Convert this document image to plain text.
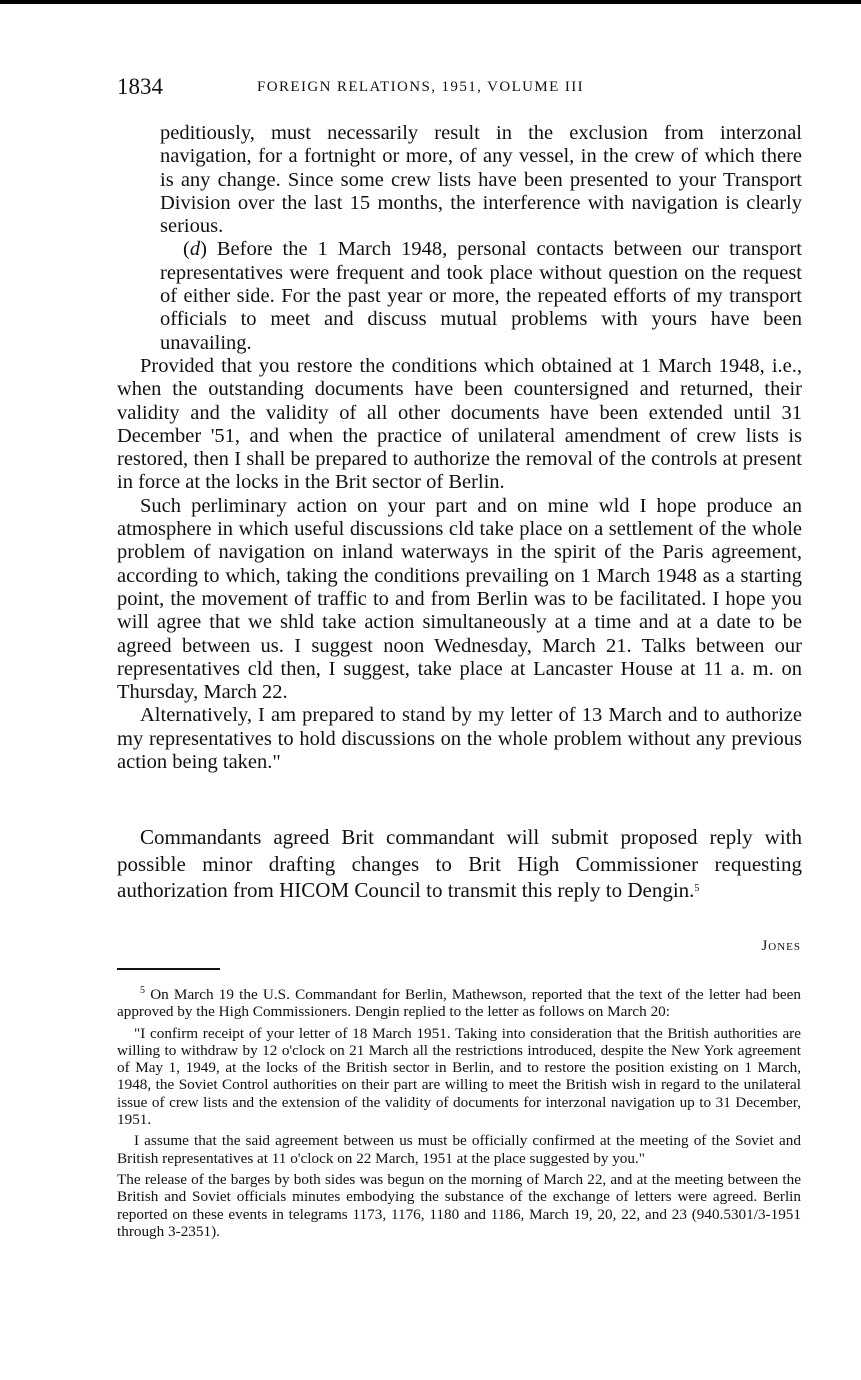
1834	FOREIGN RELATIONS, 1951, VOLUME III

peditiously, must necessarily result in the exclusion from interzonal navigation, for a fortnight or more, of any vessel, in the crew of which there is any change. Since some crew lists have been presented to your Transport Division over the last 15 months, the interference with navigation is clearly serious.

(d) Before the 1 March 1948, personal contacts between our transport representatives were frequent and took place without question on the request of either side. For the past year or more, the repeated efforts of my transport officials to meet and discuss mutual problems with yours have been unavailing.

Provided that you restore the conditions which obtained at 1 March 1948, i.e., when the outstanding documents have been countersigned and returned, their validity and the validity of all other documents have been extended until 31 December '51, and when the practice of unilateral amendment of crew lists is restored, then I shall be prepared to authorize the removal of the controls at present in force at the locks in the Brit sector of Berlin.

Such perliminary action on your part and on mine wld I hope produce an atmosphere in which useful discussions cld take place on a settlement of the whole problem of navigation on inland waterways in the spirit of the Paris agreement, according to which, taking the conditions prevailing on 1 March 1948 as a starting point, the movement of traffic to and from Berlin was to be facilitated. I hope you will agree that we shld take action simultaneously at a time and at a date to be agreed between us. I suggest noon Wednesday, March 21. Talks between our representatives cld then, I suggest, take place at Lancaster House at 11 a. m. on Thursday, March 22.

Alternatively, I am prepared to stand by my letter of 13 March and to authorize my representatives to hold discussions on the whole problem without any previous action being taken."

Commandants agreed Brit commandant will submit proposed reply with possible minor drafting changes to Brit High Commissioner requesting authorization from HICOM Council to transmit this reply to Dengin.$^5$

Jones

$^5$ On March 19 the U.S. Commandant for Berlin, Mathewson, reported that the text of the letter had been approved by the High Commissioners. Dengin replied to the letter as follows on March 20:

"I confirm receipt of your letter of 18 March 1951. Taking into consideration that the British authorities are willing to withdraw by 12 o'clock on 21 March all the restrictions introduced, despite the New York agreement of May 1, 1949, at the locks of the British sector in Berlin, and to restore the position existing on 1 March, 1948, the Soviet Control authorities on their part are willing to meet the British wish in regard to the unilateral issue of crew lists and the extension of the validity of documents for interzonal navigation up to 31 December, 1951.

I assume that the said agreement between us must be officially confirmed at the meeting of the Soviet and British representatives at 11 o'clock on 22 March, 1951 at the place suggested by you."

The release of the barges by both sides was begun on the morning of March 22, and at the meeting between the British and Soviet officials minutes embodying the substance of the exchange of letters were agreed. Berlin reported on these events in telegrams 1173, 1176, 1180 and 1186, March 19, 20, 22, and 23 (940.5301/3-1951 through 3-2351).
